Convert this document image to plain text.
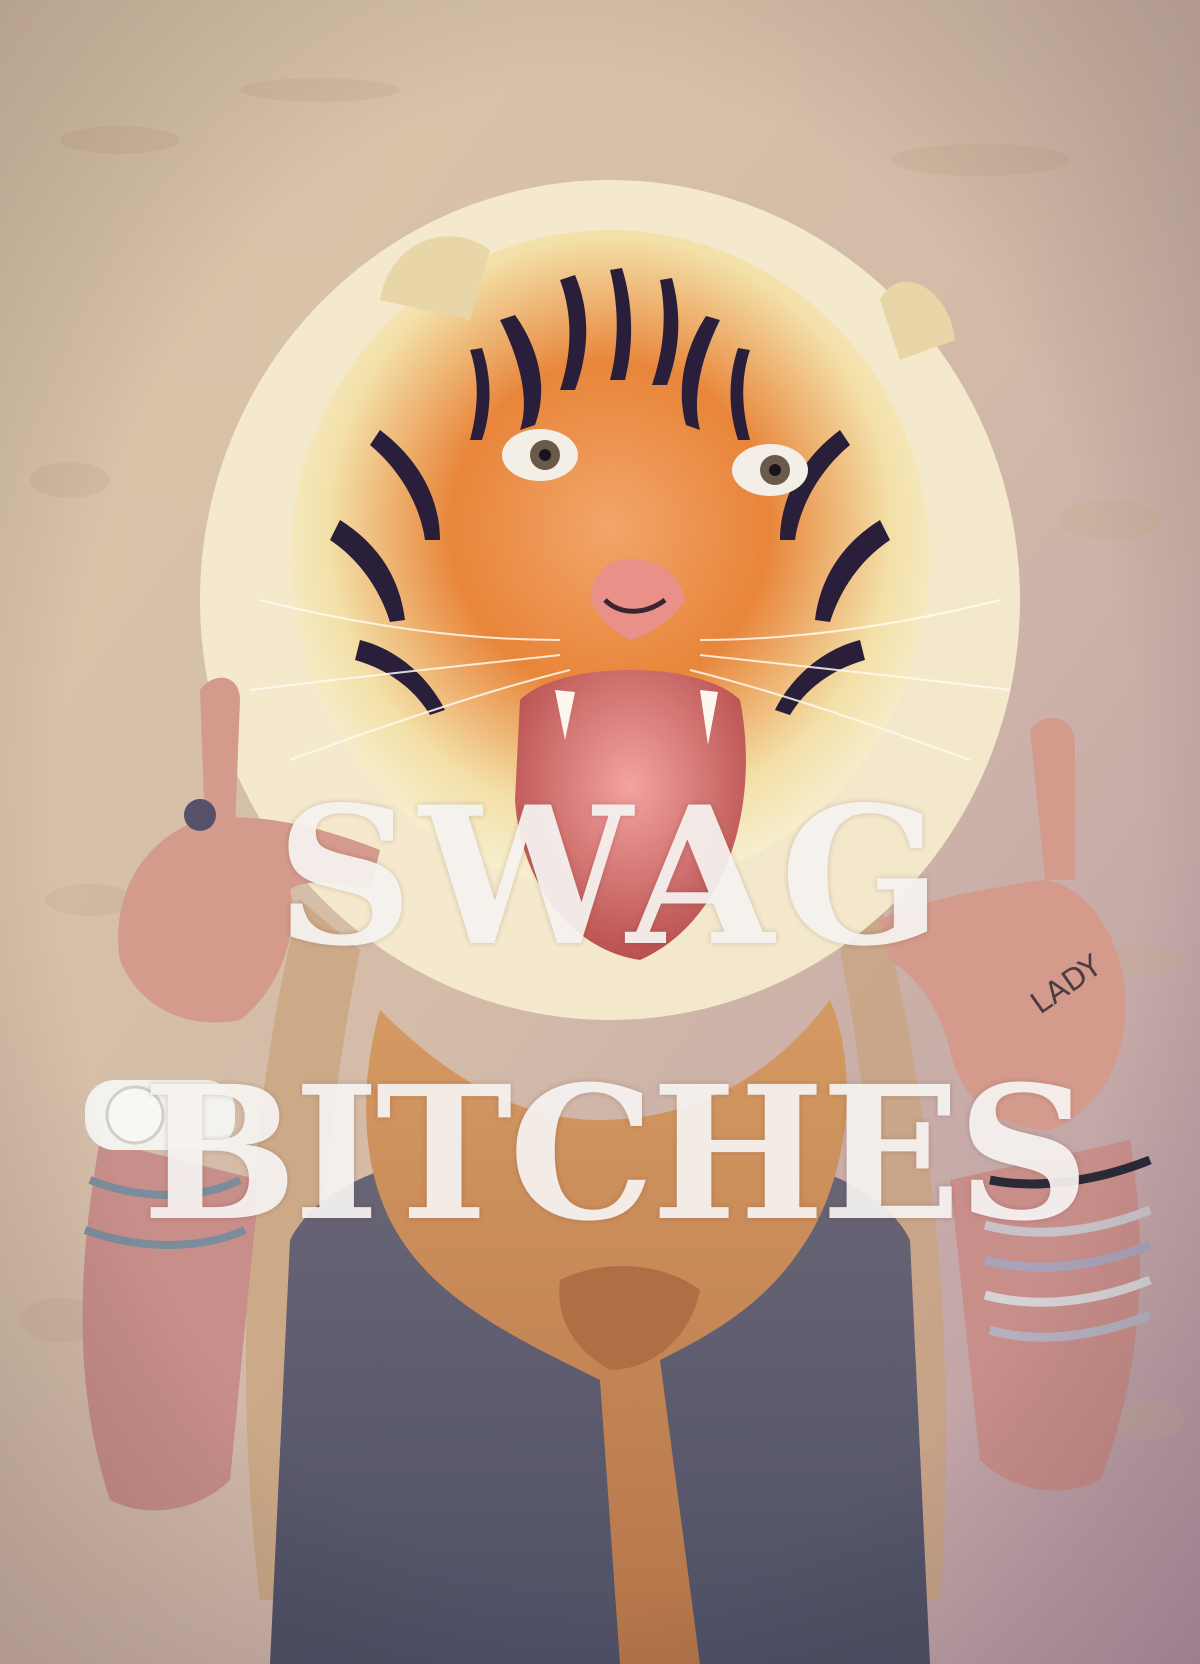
SWAG
BITCHES
